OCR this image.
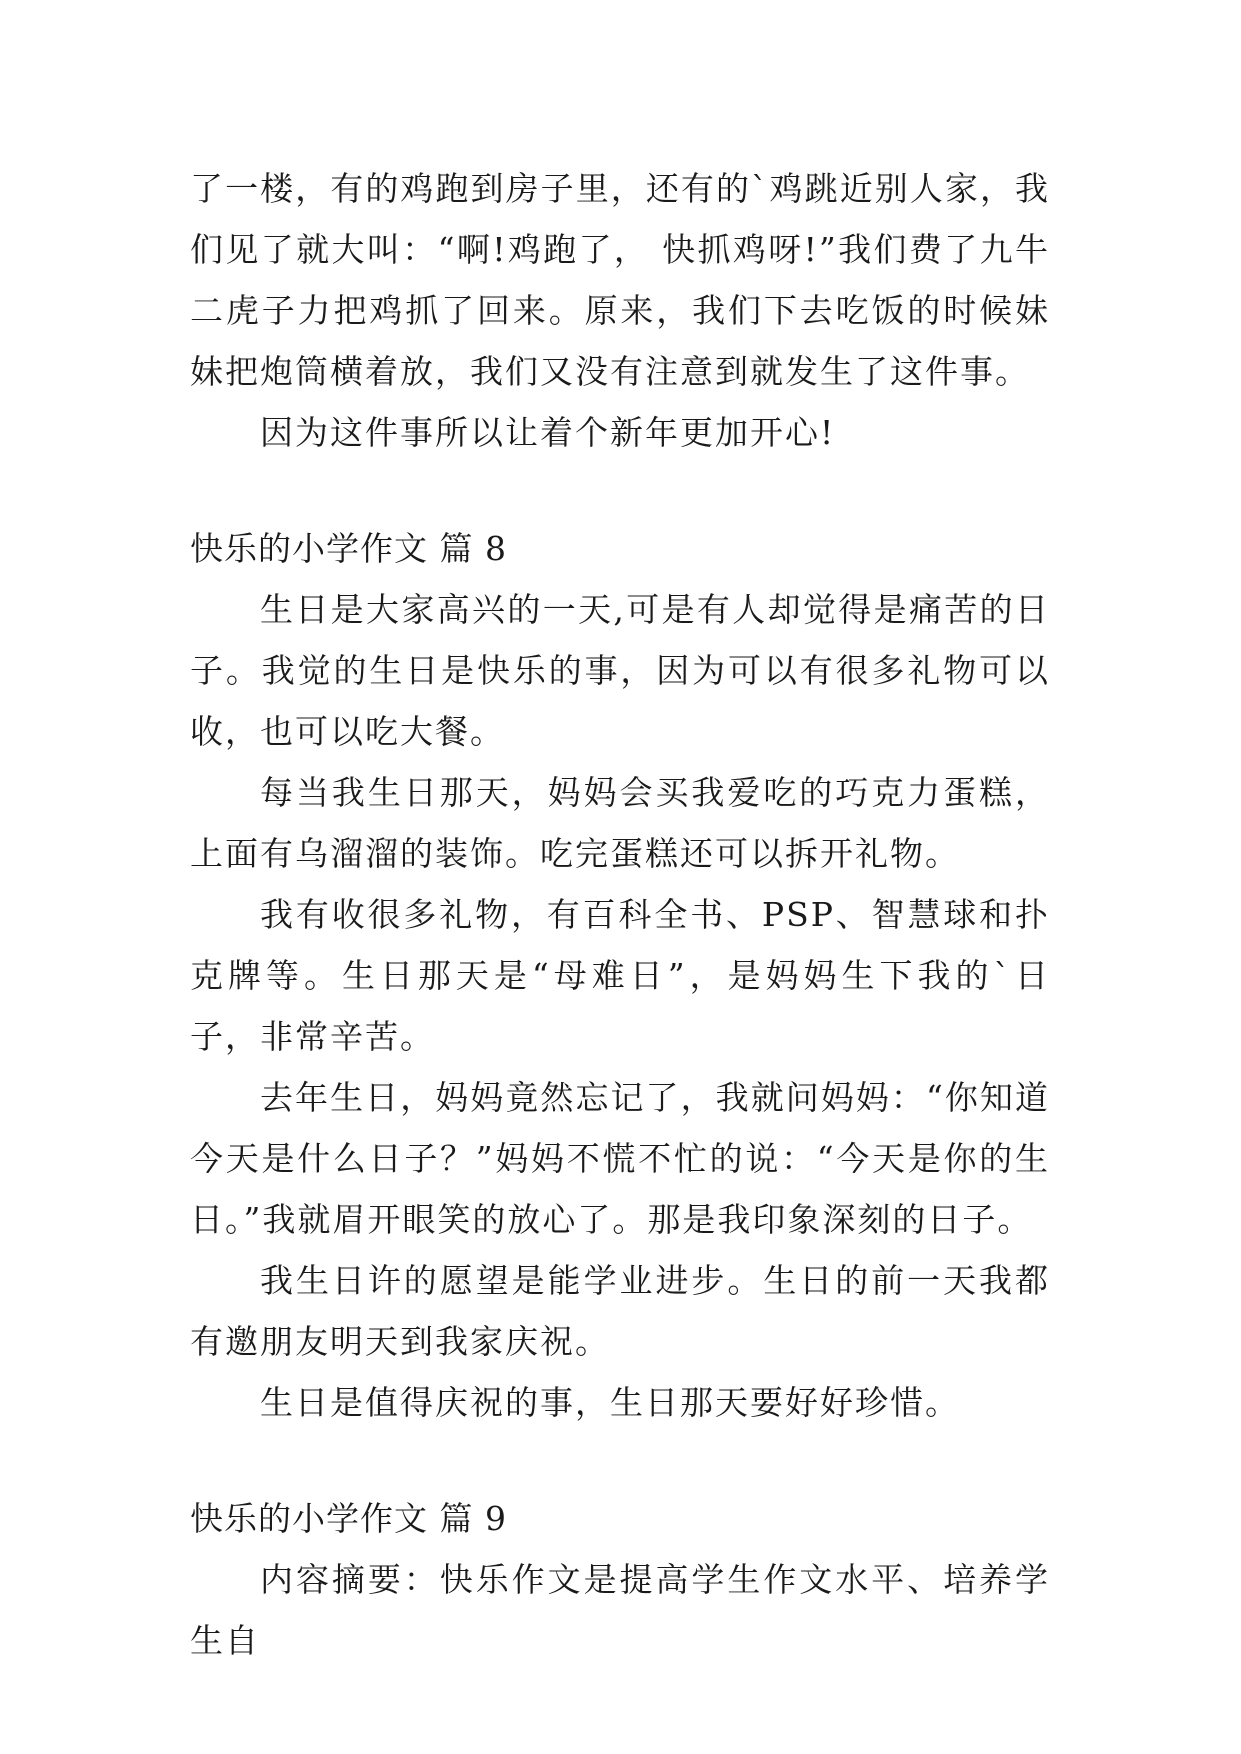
了一楼，有的鸡跑到房子里，还有的`鸡跳近别人家，我们见了就大叫：“啊!鸡跑了， 快抓鸡呀!”我们费了九牛二虎子力把鸡抓了回来。原来，我们下去吃饭的时候妹妹把炮筒横着放，我们又没有注意到就发生了这件事。

因为这件事所以让着个新年更加开心!

快乐的小学作文 篇 8

生日是大家高兴的一天,可是有人却觉得是痛苦的日子。我觉的生日是快乐的事，因为可以有很多礼物可以收，也可以吃大餐。

每当我生日那天，妈妈会买我爱吃的巧克力蛋糕，上面有乌溜溜的装饰。吃完蛋糕还可以拆开礼物。

我有收很多礼物，有百科全书、PSP、智慧球和扑克牌等。生日那天是“母难日”，是妈妈生下我的`日子，非常辛苦。

去年生日，妈妈竟然忘记了，我就问妈妈：“你知道今天是什么日子？”妈妈不慌不忙的说：“今天是你的生日。”我就眉开眼笑的放心了。那是我印象深刻的日子。

我生日许的愿望是能学业进步。生日的前一天我都有邀朋友明天到我家庆祝。

生日是值得庆祝的事，生日那天要好好珍惜。

快乐的小学作文 篇 9

内容摘要：快乐作文是提高学生作文水平、培养学生自
